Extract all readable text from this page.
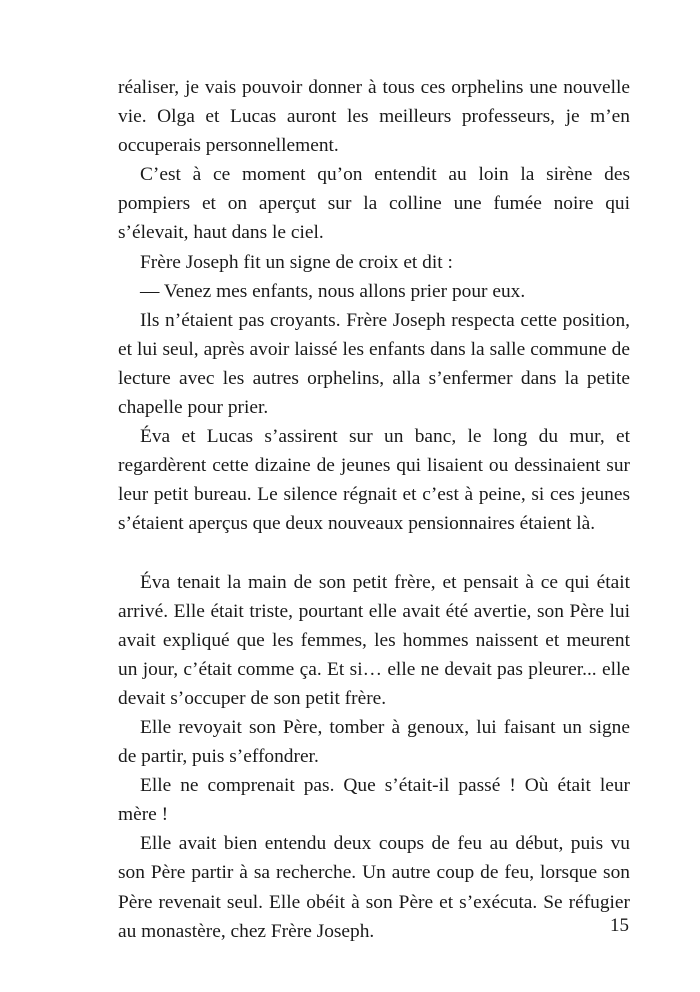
réaliser, je vais pouvoir donner à tous ces orphelins une nouvelle vie. Olga et Lucas auront les meilleurs professeurs, je m’en occuperais personnellement.

C’est à ce moment qu’on entendit au loin la sirène des pompiers et on aperçut sur la colline une fumée noire qui s’élevait, haut dans le ciel.

Frère Joseph fit un signe de croix et dit :

— Venez mes enfants, nous allons prier pour eux.

Ils n’étaient pas croyants. Frère Joseph respecta cette position, et lui seul, après avoir laissé les enfants dans la salle commune de lecture avec les autres orphelins, alla s’enfermer dans la petite chapelle pour prier.

Éva et Lucas s’assirent sur un banc, le long du mur, et regardèrent cette dizaine de jeunes qui lisaient ou dessinaient sur leur petit bureau. Le silence régnait et c’est à peine, si ces jeunes s’étaient aperçus que deux nouveaux pensionnaires étaient là.

Éva tenait la main de son petit frère, et pensait à ce qui était arrivé. Elle était triste, pourtant elle avait été avertie, son Père lui avait expliqué que les femmes, les hommes naissent et meurent un jour, c’était comme ça. Et si… elle ne devait pas pleurer... elle devait s’occuper de son petit frère.

Elle revoyait son Père, tomber à genoux, lui faisant un signe de partir, puis s’effondrer.

Elle ne comprenait pas. Que s’était-il passé ! Où était leur mère !

Elle avait bien entendu deux coups de feu au début, puis vu son Père partir à sa recherche. Un autre coup de feu, lorsque son Père revenait seul. Elle obéit à son Père et s’exécuta. Se réfugier au monastère, chez Frère Joseph.	15
